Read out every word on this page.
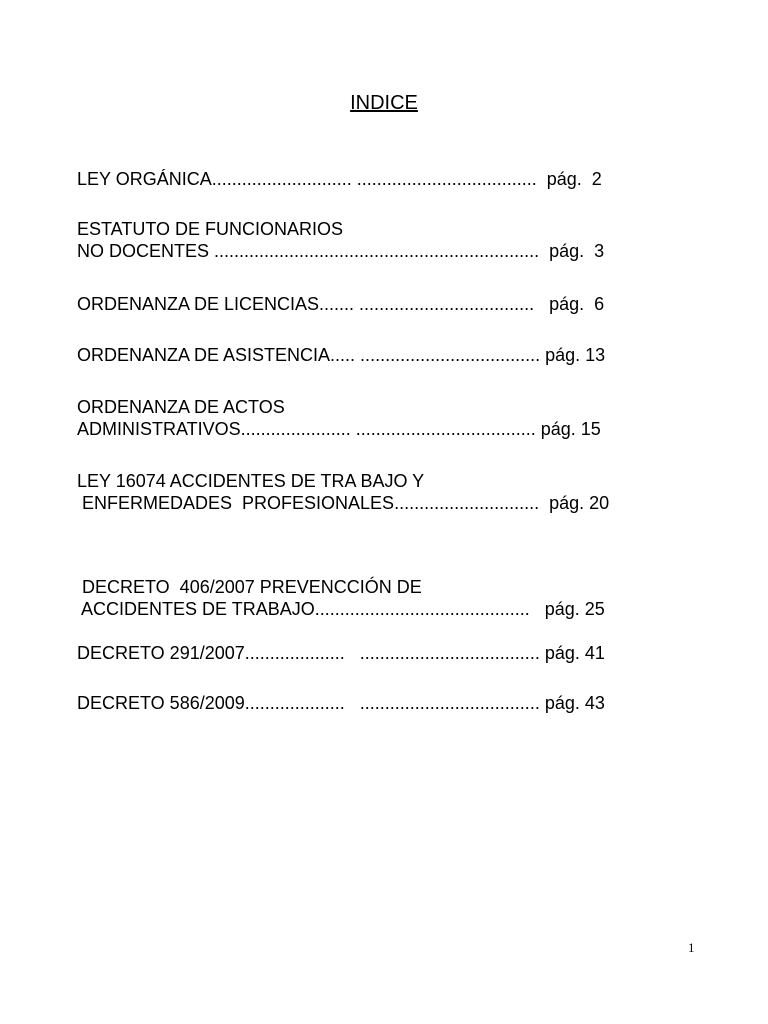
INDICE
LEY ORGÁNICA............................ ....................................  pág.  2
ESTATUTO DE FUNCIONARIOS
NO DOCENTES .................................................................  pág.  3
ORDENANZA DE LICENCIAS....... ...................................   pág.  6
ORDENANZA DE ASISTENCIA..... .................................... pág. 13
ORDENANZA DE ACTOS
ADMINISTRATIVOS...................... .................................... pág. 15
LEY 16074 ACCIDENTES DE TRA BAJO Y
ENFERMEDADES  PROFESIONALES.............................  pág. 20
DECRETO  406/2007 PREVENCCIÓN DE
ACCIDENTES DE TRABAJO...........................................   pág. 25
DECRETO 291/2007....................   .................................... pág. 41
DECRETO 586/2009....................   .................................... pág. 43
1
